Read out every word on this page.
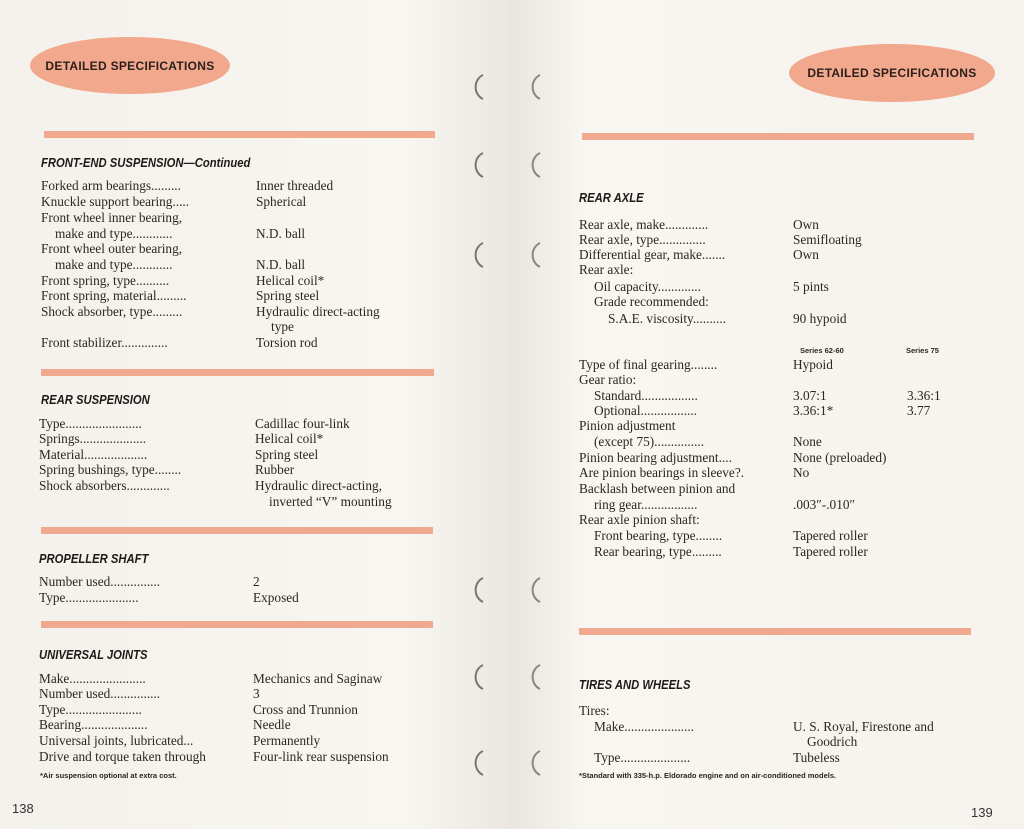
DETAILED SPECIFICATIONS
FRONT-END SUSPENSION—Continued
Forked arm bearings.........	Inner threaded
Knuckle support bearing.....	Spherical
Front wheel inner bearing,
make and type............	N.D. ball
Front wheel outer bearing,
make and type............	N.D. ball
Front spring, type..........	Helical coil*
Front spring, material.........	Spring steel
Shock absorber, type.........	Hydraulic direct-acting
type
Front stabilizer..............	Torsion rod
REAR SUSPENSION
Type.......................	Cadillac four-link
Springs....................	Helical coil*
Material...................	Spring steel
Spring bushings, type........	Rubber
Shock absorbers.............	Hydraulic direct-acting,
inverted “V” mounting
PROPELLER SHAFT
Number used...............	2
Type......................	Exposed
UNIVERSAL JOINTS
Make.......................	Mechanics and Saginaw
Number used...............	3
Type.......................	Cross and Trunnion
Bearing....................	Needle
Universal joints, lubricated...	Permanently
Drive and torque taken through	Four-link rear suspension
*Air suspension optional at extra cost.
138
DETAILED SPECIFICATIONS
REAR AXLE
Rear axle, make.............	Own
Rear axle, type..............	Semifloating
Differential gear, make.......	Own
Rear axle:
Oil capacity.............	5 pints
Grade recommended:
S.A.E. viscosity..........	90 hypoid
Series 62-60	Series 75
Type of final gearing........	Hypoid
Gear ratio:
Standard.................	3.07:1	3.36:1
Optional.................	3.36:1*	3.77
Pinion adjustment
(except 75)...............	None
Pinion bearing adjustment....	None (preloaded)
Are pinion bearings in sleeve?.	No
Backlash between pinion and
ring gear.................	.003″-.010″
Rear axle pinion shaft:
Front bearing, type........	Tapered roller
Rear bearing, type.........	Tapered roller
TIRES AND WHEELS
Tires:
Make.....................	U. S. Royal, Firestone and
Goodrich
Type.....................	Tubeless
*Standard with 335-h.p. Eldorado engine and on air-conditioned models.
139
